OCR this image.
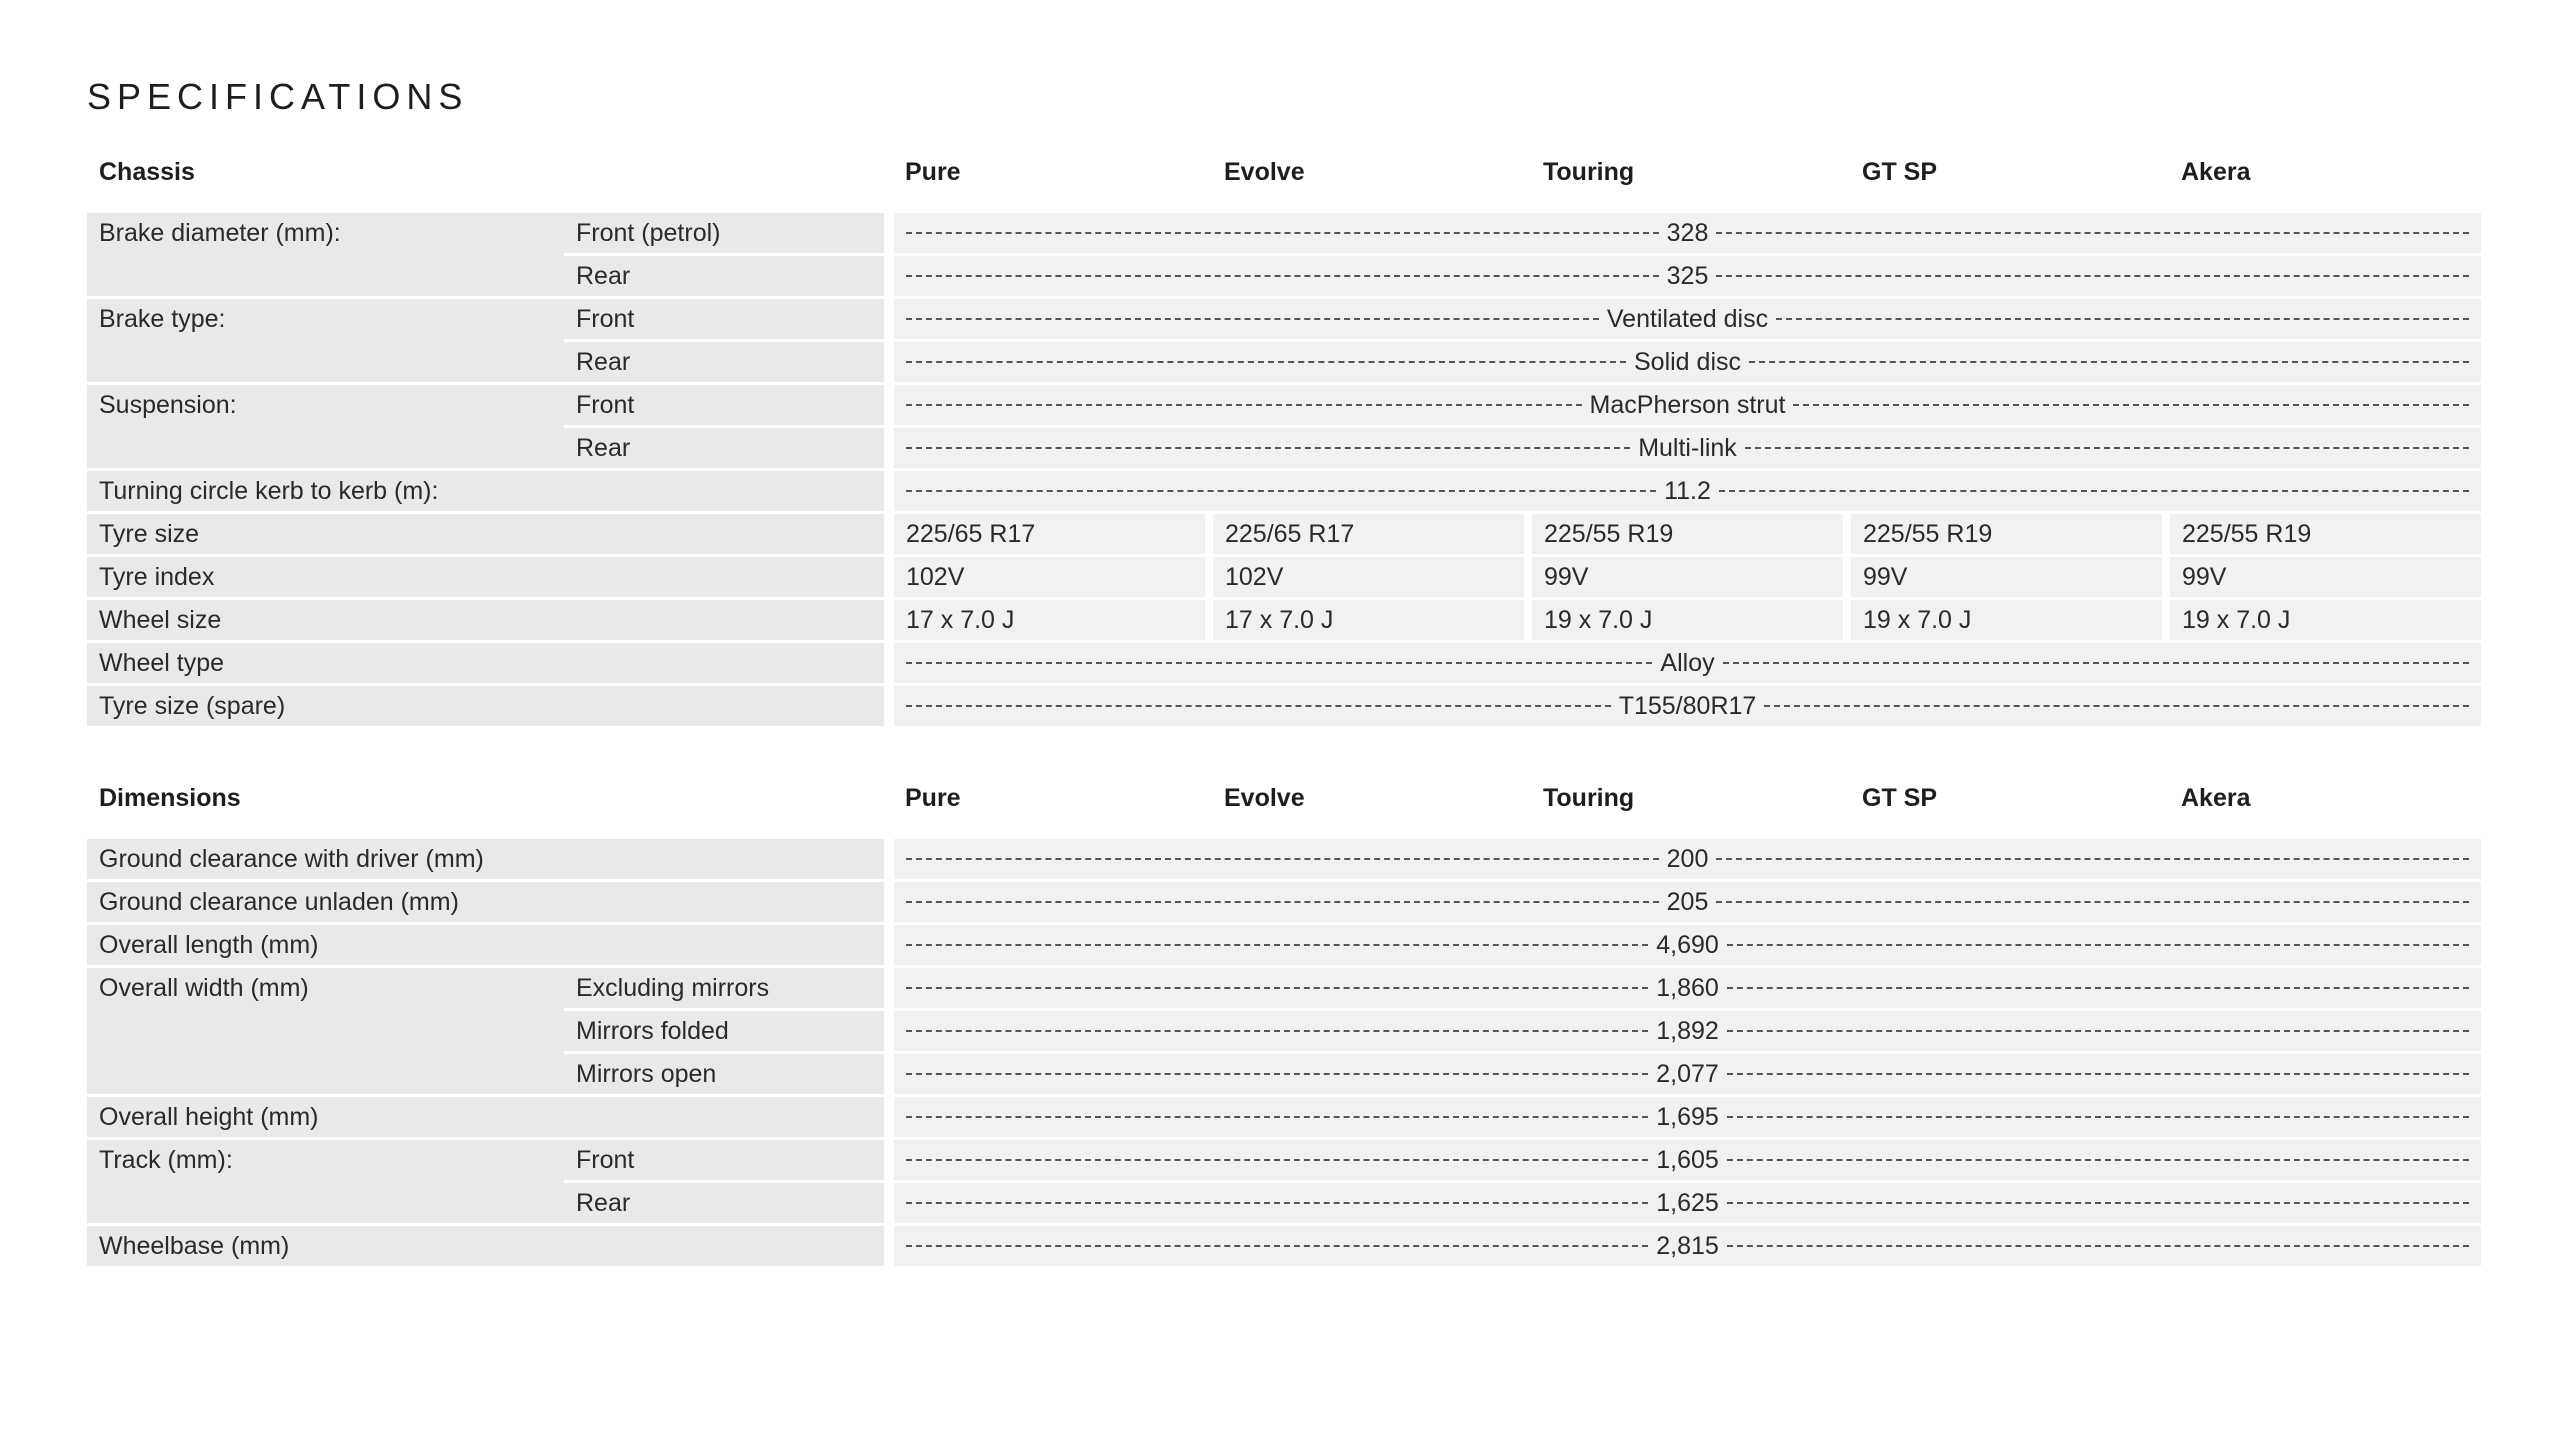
SPECIFICATIONS
Chassis	Pure	Evolve	Touring	GT SP	Akera
Brake diameter (mm):	Front (petrol)	328
Rear	325
Brake type:	Front	Ventilated disc
Rear	Solid disc
Suspension:	Front	MacPherson strut
Rear	Multi-link
Turning circle kerb to kerb (m):	11.2
Tyre size	225/65 R17	225/65 R17	225/55 R19	225/55 R19	225/55 R19
Tyre index	102V	102V	99V	99V	99V
Wheel size	17 x 7.0 J	17 x 7.0 J	19 x 7.0 J	19 x 7.0 J	19 x 7.0 J
Wheel type	Alloy
Tyre size (spare)	T155/80R17
Dimensions	Pure	Evolve	Touring	GT SP	Akera
Ground clearance with driver (mm)	200
Ground clearance unladen (mm)	205
Overall length (mm)	4,690
Overall width (mm)	Excluding mirrors	1,860
Mirrors folded	1,892
Mirrors open	2,077
Overall height (mm)	1,695
Track (mm):	Front	1,605
Rear	1,625
Wheelbase (mm)	2,815
